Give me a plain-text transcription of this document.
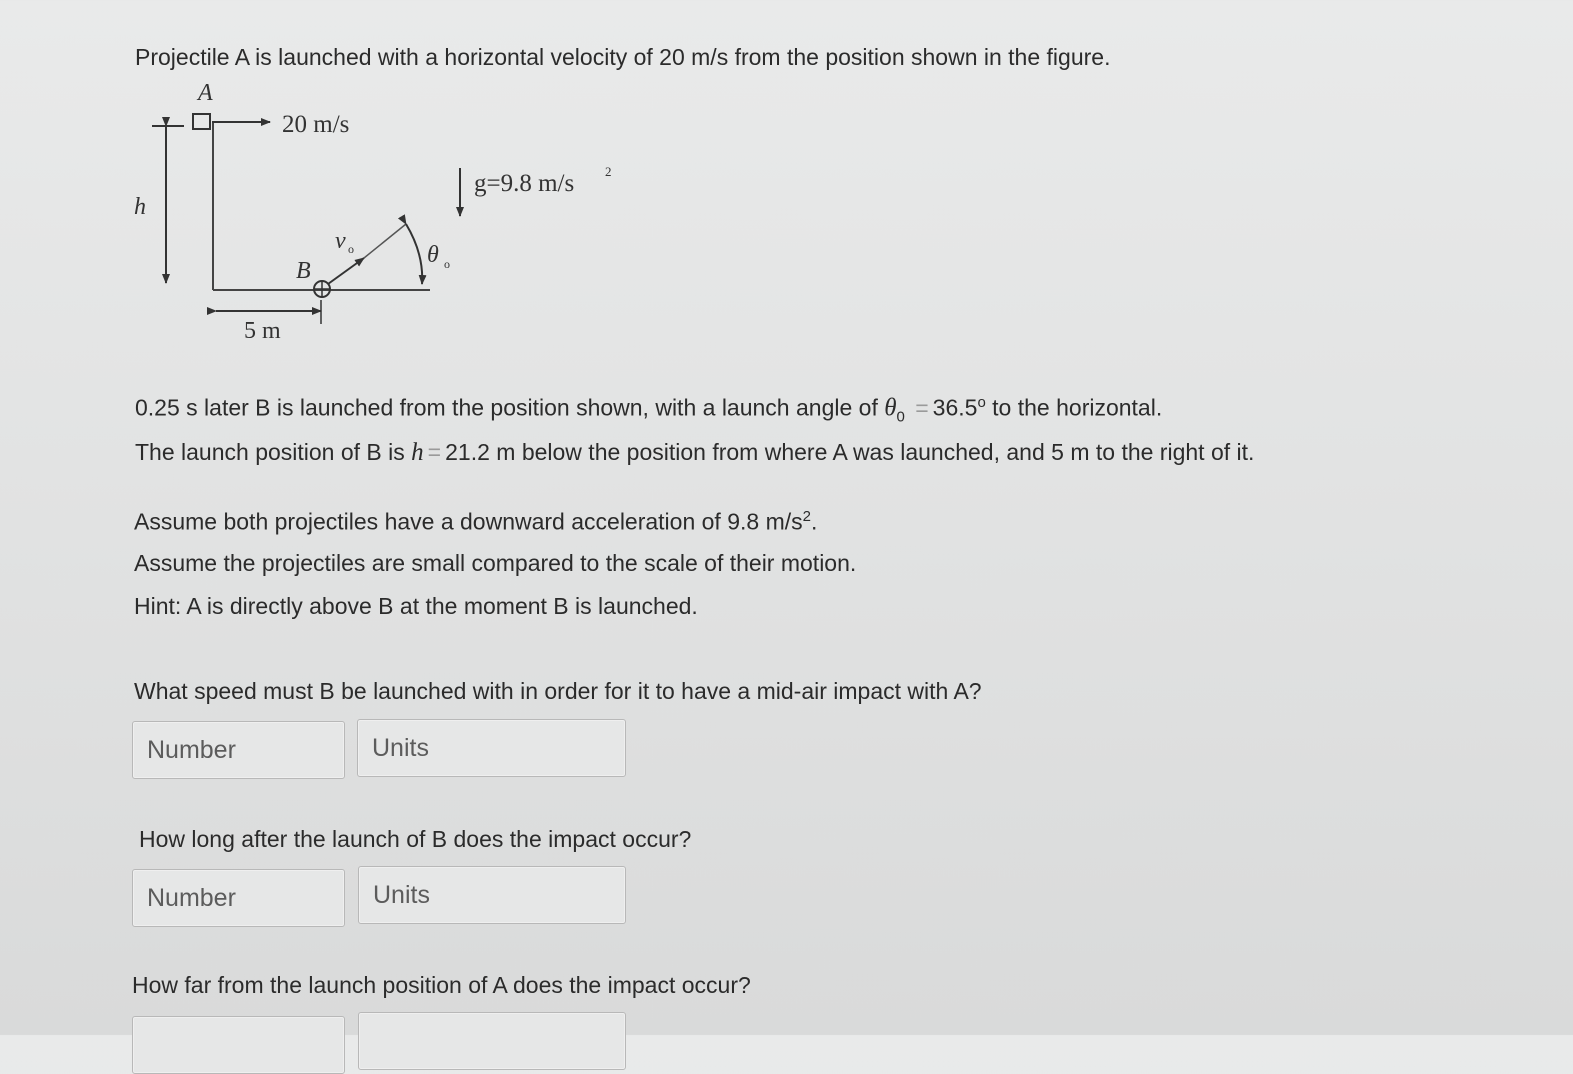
Projectile A is launched with a horizontal velocity of 20 m/s from the position shown in the figure.

h
A
20 m/s
g=9.8 m/s 2
B
v o	θ o
5 m

0.25 s later B is launched from the position shown, with a launch angle of $\theta_0 = 36.5^o$ to the horizontal.

The launch position of B is h = 21.2 m below the position from where A was launched, and 5 m to the right of it.

Assume both projectiles have a downward acceleration of 9.8 $m/s^2$.

Assume the projectiles are small compared to the scale of their motion.

Hint: A is directly above B at the moment B is launched.

What speed must B be launched with in order for it to have a mid-air impact with A?

Number
Units

How long after the launch of B does the impact occur?

Number
Units

How far from the launch position of A does the impact occur?
